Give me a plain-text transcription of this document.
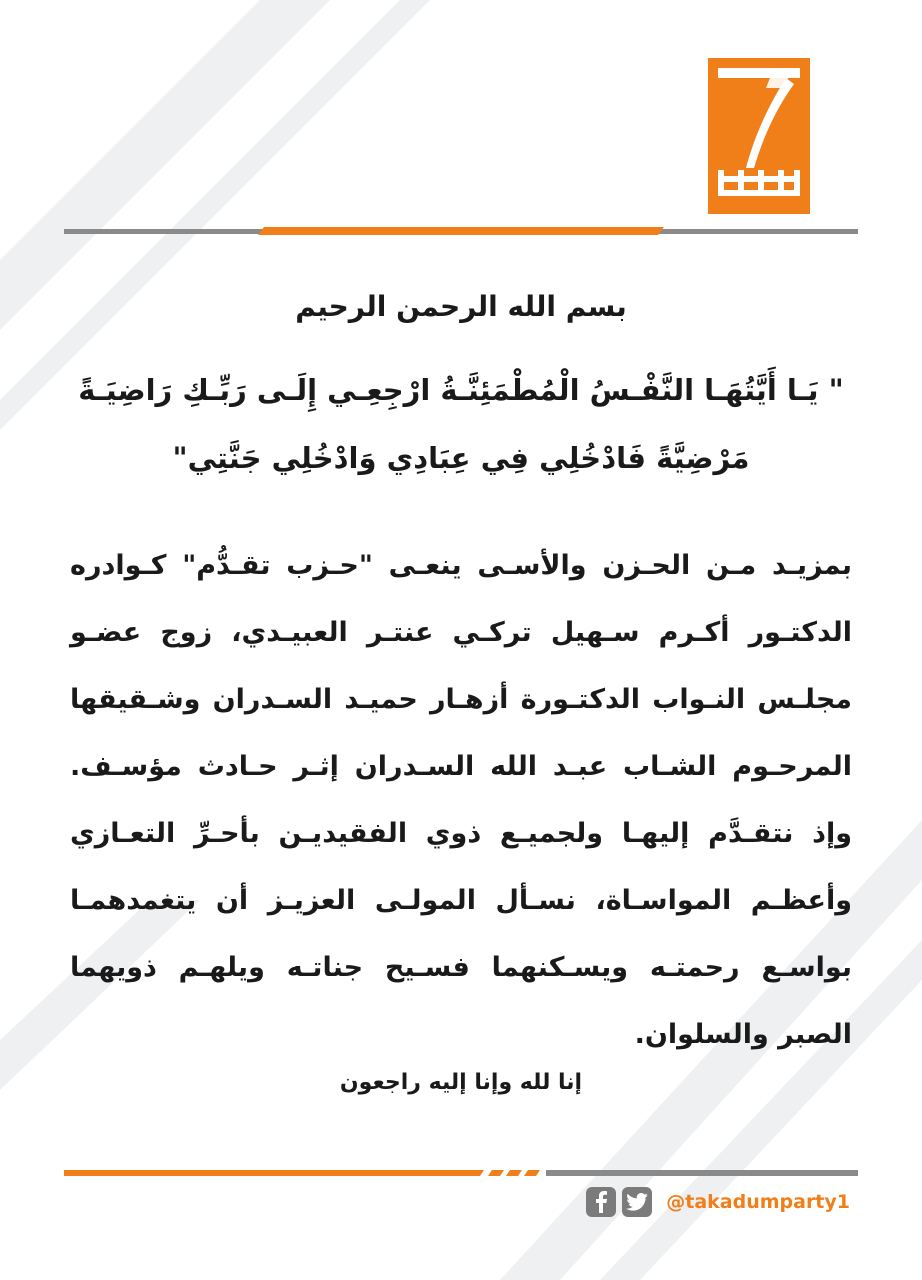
بسم الله الرحمن الرحيم
" يَـا أَيَّتُهَـا النَّفْـسُ الْمُطْمَئِنَّـةُ ارْجِعِـي إِلَـى رَبِّـكِ رَاضِيَـةً مَرْضِيَّةً فَادْخُلِي فِي عِبَادِي وَادْخُلِي جَنَّتِي"
بمزيـد مـن الحـزن والأسـى ينعـى "حـزب تقـدُّم" كـوادره الدكتـور أكـرم سـهيل تركـي عنتـر العبيـدي، زوج عضـو مجلـس النـواب الدكتـورة أزهـار حميـد السـدران وشـقيقها المرحـوم الشـاب عبـد الله السـدران إثـر حـادث مؤسـف. وإذ نتقـدَّم إليهـا ولجميـع ذوي الفقيديـن بأحـرِّ التعـازي وأعظـم المواسـاة، نسـأل المولـى العزيـز أن يتغمدهمـا بواسـع رحمتـه ويسـكنهما فسـيح جناتـه ويلهـم ذويهما الصبر والسلوان.
إنا لله وإنا إليه راجعون
@takadumparty1
